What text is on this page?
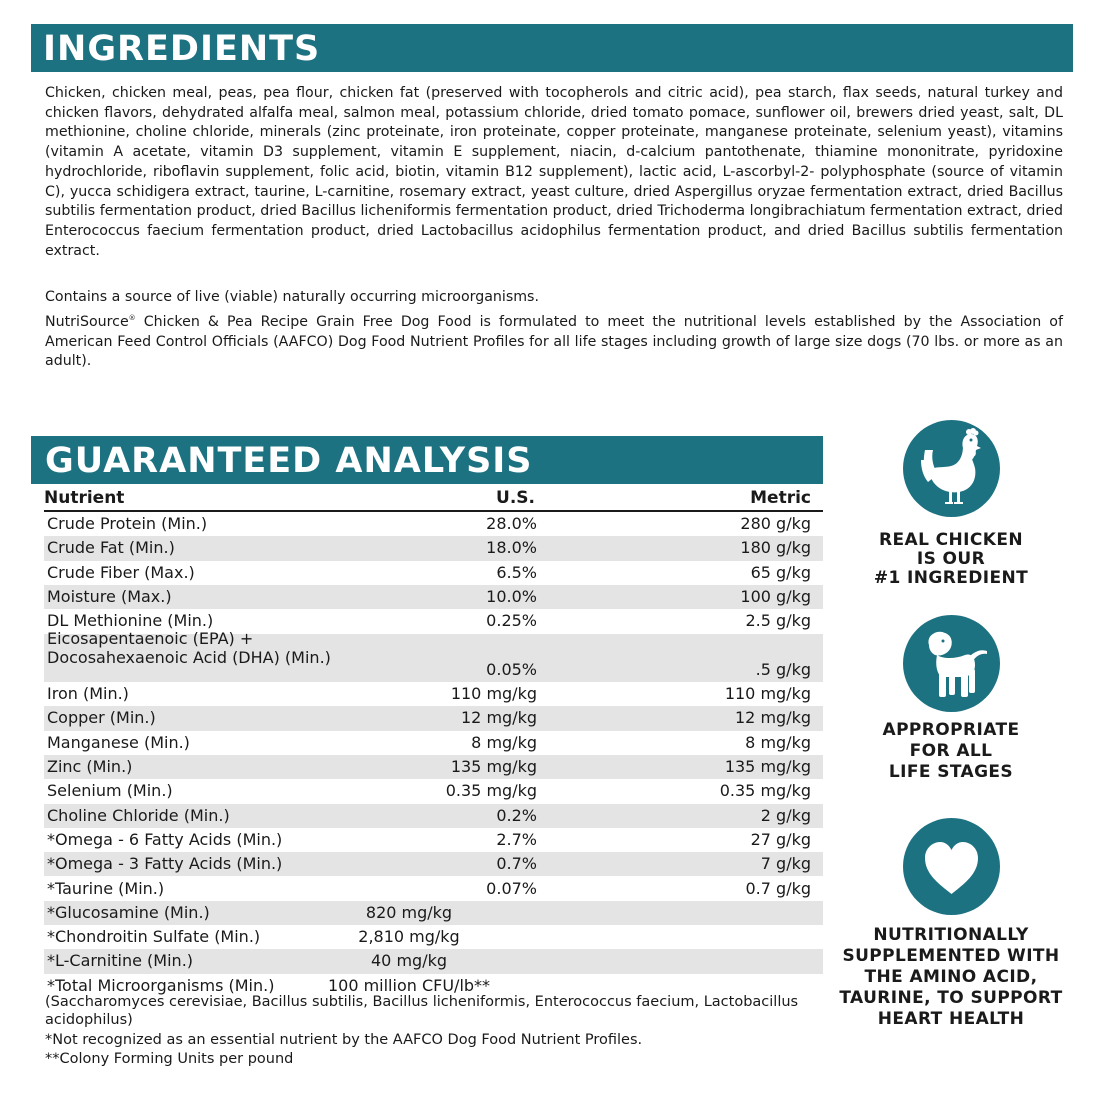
INGREDIENTS

Chicken, chicken meal, peas, pea flour, chicken fat (preserved with tocopherols and citric acid), pea starch, flax seeds, natural turkey and chicken flavors, dehydrated alfalfa meal, salmon meal, potassium chloride, dried tomato pomace, sunflower oil, brewers dried yeast, salt, DL methionine, choline chloride, minerals (zinc proteinate, iron proteinate, copper proteinate, manganese proteinate, selenium yeast), vitamins (vitamin A acetate, vitamin D3 supplement, vitamin E supplement, niacin, d-calcium pantothenate, thiamine mononitrate, pyridoxine hydrochloride, riboflavin supplement, folic acid, biotin, vitamin B12 supplement), lactic acid, L-ascorbyl-2- polyphosphate (source of vitamin C), yucca schidigera extract, taurine, L-carnitine, rosemary extract, yeast culture, dried Aspergillus oryzae fermentation extract, dried Bacillus subtilis fermentation product, dried Bacillus licheniformis fermentation product, dried Trichoderma longibrachiatum fermentation extract, dried Enterococcus faecium fermentation product, dried Lactobacillus acidophilus fermentation product, and dried Bacillus subtilis fermentation extract.

Contains a source of live (viable) naturally occurring microorganisms.

NutriSource® Chicken & Pea Recipe Grain Free Dog Food is formulated to meet the nutritional levels established by the Association of American Feed Control Officials (AAFCO) Dog Food Nutrient Profiles for all life stages including growth of large size dogs (70 lbs. or more as an adult).

GUARANTEED ANALYSIS
Nutrient	U.S.	Metric
Crude Protein (Min.)	28.0%	280 g/kg
Crude Fat (Min.)	18.0%	180 g/kg
Crude Fiber (Max.)	6.5%	65 g/kg
Moisture (Max.)	10.0%	100 g/kg
DL Methionine (Min.)	0.25%	2.5 g/kg
Eicosapentaenoic (EPA) +
Docosahexaenoic Acid (DHA) (Min.)
0.05%	.5 g/kg
Iron (Min.)	110 mg/kg	110 mg/kg
Copper (Min.)	12 mg/kg	12 mg/kg
Manganese (Min.)	8 mg/kg	8 mg/kg
Zinc (Min.)	135 mg/kg	135 mg/kg
Selenium (Min.)	0.35 mg/kg	0.35 mg/kg
Choline Chloride (Min.)	0.2%	2 g/kg
*Omega - 6 Fatty Acids (Min.)	2.7%	27 g/kg
*Omega - 3 Fatty Acids (Min.)	0.7%	7 g/kg
*Taurine (Min.)	0.07%	0.7 g/kg
*Glucosamine (Min.)	820 mg/kg
*Chondroitin Sulfate (Min.)	2,810 mg/kg
*L-Carnitine (Min.)	40 mg/kg
*Total Microorganisms (Min.)	100 million CFU/lb**

(Saccharomyces cerevisiae, Bacillus subtilis, Bacillus licheniformis, Enterococcus faecium, Lactobacillus acidophilus)

*Not recognized as an essential nutrient by the AAFCO Dog Food Nutrient Profiles.

**Colony Forming Units per pound

REAL CHICKEN
IS OUR
#1 INGREDIENT
APPROPRIATE
FOR ALL
LIFE STAGES
NUTRITIONALLY
SUPPLEMENTED WITH
THE AMINO ACID,
TAURINE, TO SUPPORT
HEART HEALTH
